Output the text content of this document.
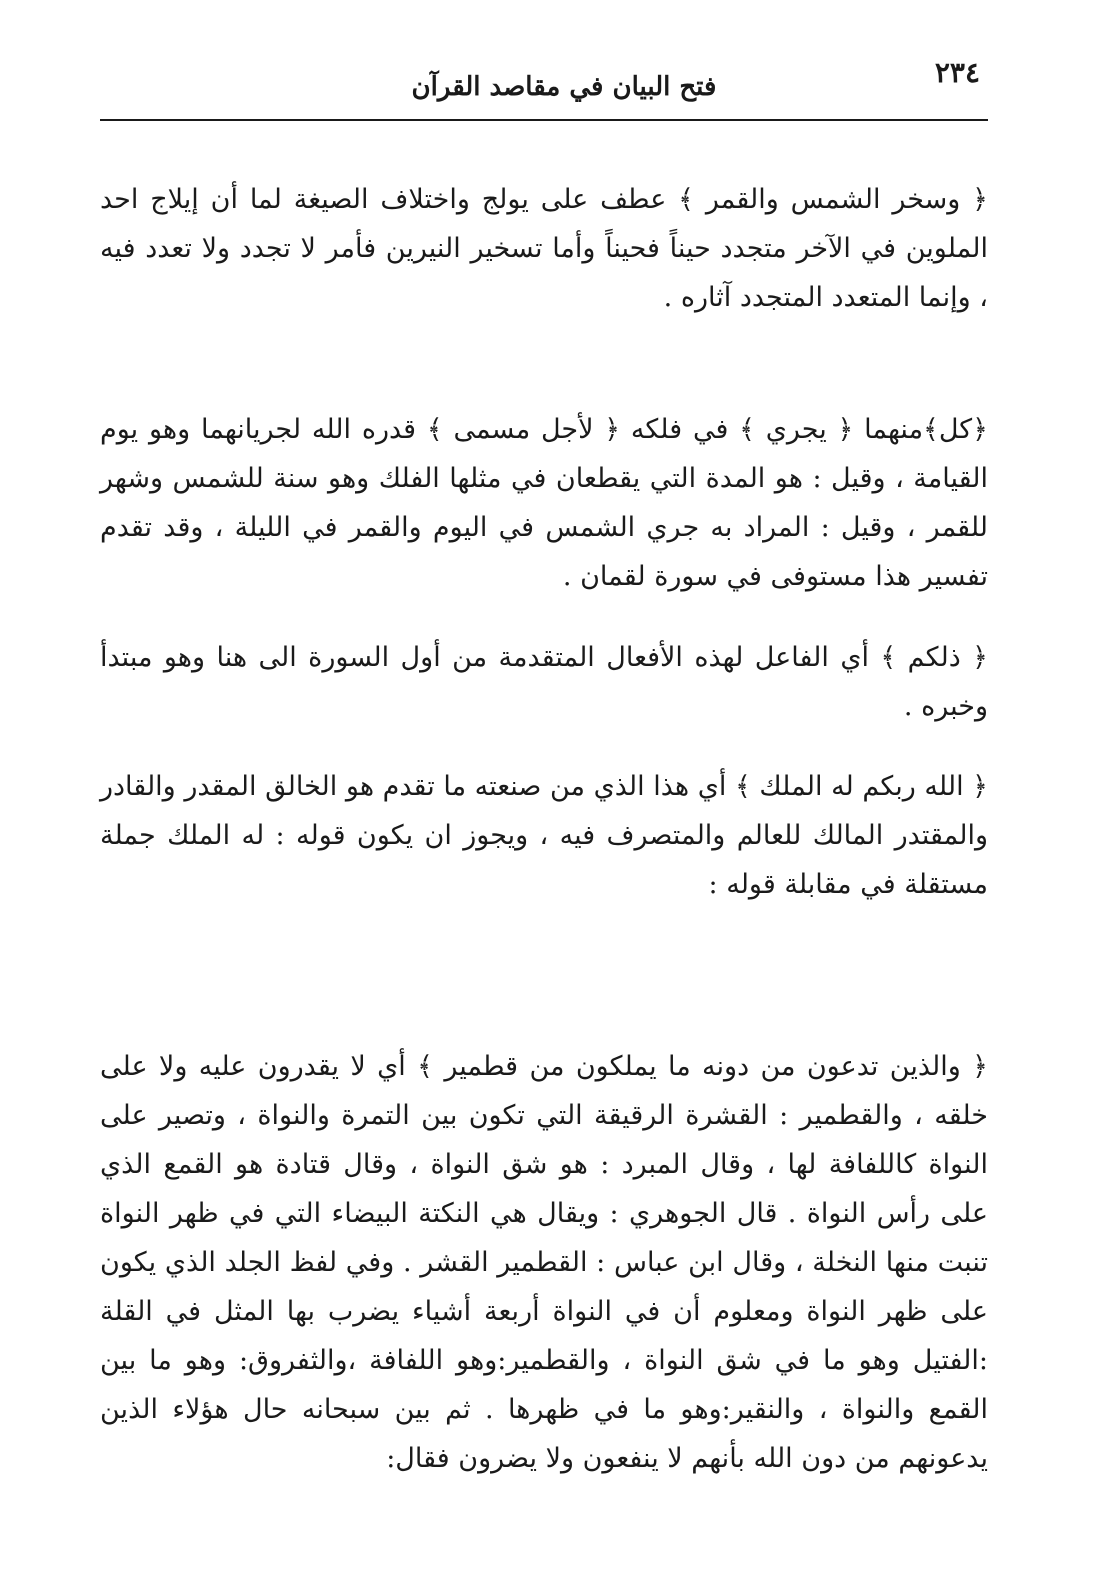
٢٣٤
فتح البيان في مقاصد القرآن

﴿ وسخر الشمس والقمر ﴾ عطف على يولج واختلاف الصيغة لما أن إيلاج احد الملوين في الآخر متجدد حيناً فحيناً وأما تسخير النيرين فأمر لا تجدد ولا تعدد فيه ، وإنما المتعدد المتجدد آثاره .

﴿كل﴾منهما ﴿ يجري ﴾ في فلكه ﴿ لأجل مسمى ﴾ قدره الله لجريانهما وهو يوم القيامة ، وقيل : هو المدة التي يقطعان في مثلها الفلك وهو سنة للشمس وشهر للقمر ، وقيل : المراد به جري الشمس في اليوم والقمر في الليلة ، وقد تقدم تفسير هذا مستوفى في سورة لقمان .

﴿ ذلكم ﴾ أي الفاعل لهذه الأفعال المتقدمة من أول السورة الى هنا وهو مبتدأ وخبره .

﴿ الله ربكم له الملك ﴾ أي هذا الذي من صنعته ما تقدم هو الخالق المقدر والقادر والمقتدر المالك للعالم والمتصرف فيه ، ويجوز ان يكون قوله : له الملك جملة مستقلة في مقابلة قوله :

﴿ والذين تدعون من دونه ما يملكون من قطمير ﴾ أي لا يقدرون عليه ولا على خلقه ، والقطمير : القشرة الرقيقة التي تكون بين التمرة والنواة ، وتصير على النواة كاللفافة لها ، وقال المبرد : هو شق النواة ، وقال قتادة هو القمع الذي على رأس النواة . قال الجوهري : ويقال هي النكتة البيضاء التي في ظهر النواة تنبت منها النخلة ، وقال ابن عباس : القطمير القشر . وفي لفظ الجلد الذي يكون على ظهر النواة ومعلوم أن في النواة أربعة أشياء يضرب بها المثل في القلة :الفتيل وهو ما في شق النواة ، والقطمير:وهو اللفافة ،والثفروق: وهو ما بين القمع والنواة ، والنقير:وهو ما في ظهرها . ثم بين سبحانه حال هؤلاء الذين يدعونهم من دون الله بأنهم لا ينفعون ولا يضرون فقال:
